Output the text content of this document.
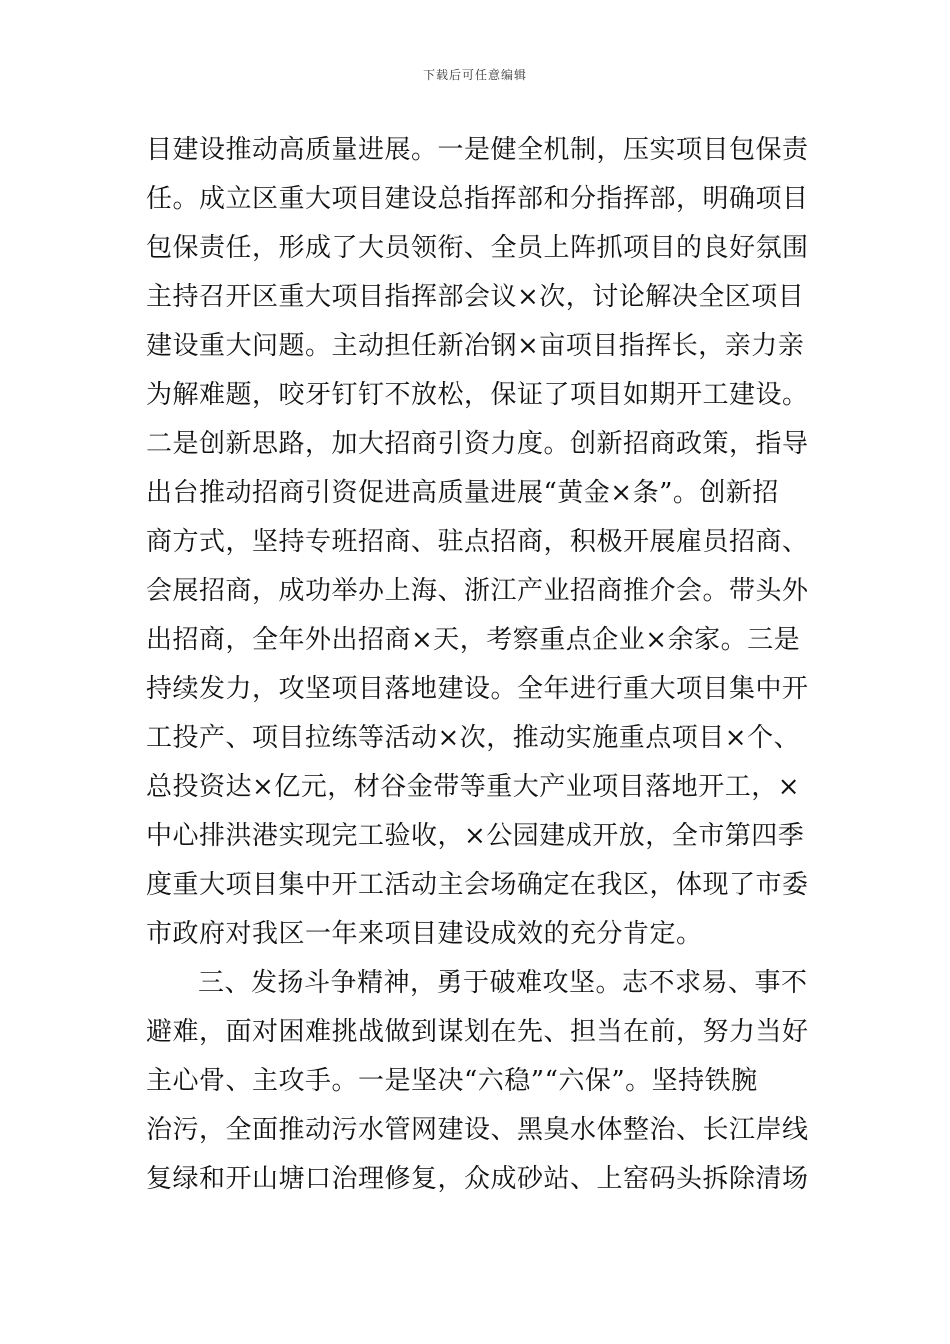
下载后可任意编辑
目建设推动高质量进展。一是健全机制，压实项目包保责
任。成立区重大项目建设总指挥部和分指挥部，明确项目
包保责任，形成了大员领衔、全员上阵抓项目的良好氛围
主持召开区重大项目指挥部会议×次，讨论解决全区项目
建设重大问题。主动担任新冶钢×亩项目指挥长，亲力亲
为解难题，咬牙钉钉不放松，保证了项目如期开工建设。
二是创新思路，加大招商引资力度。创新招商政策，指导
出台推动招商引资促进高质量进展“黄金×条”。创新招
商方式，坚持专班招商、驻点招商，积极开展雇员招商、
会展招商，成功举办上海、浙江产业招商推介会。带头外
出招商，全年外出招商×天，考察重点企业×余家。三是
持续发力，攻坚项目落地建设。全年进行重大项目集中开
工投产、项目拉练等活动×次，推动实施重点项目×个、
总投资达×亿元，材谷金带等重大产业项目落地开工，×
中心排洪港实现完工验收，×公园建成开放，全市第四季
度重大项目集中开工活动主会场确定在我区，体现了市委
市政府对我区一年来项目建设成效的充分肯定。
三、发扬斗争精神，勇于破难攻坚。志不求易、事不
避难，面对困难挑战做到谋划在先、担当在前，努力当好
主心骨、主攻手。一是坚决“六稳”“六保”。坚持铁腕
治污，全面推动污水管网建设、黑臭水体整治、长江岸线
复绿和开山塘口治理修复，众成砂站、上窑码头拆除清场
